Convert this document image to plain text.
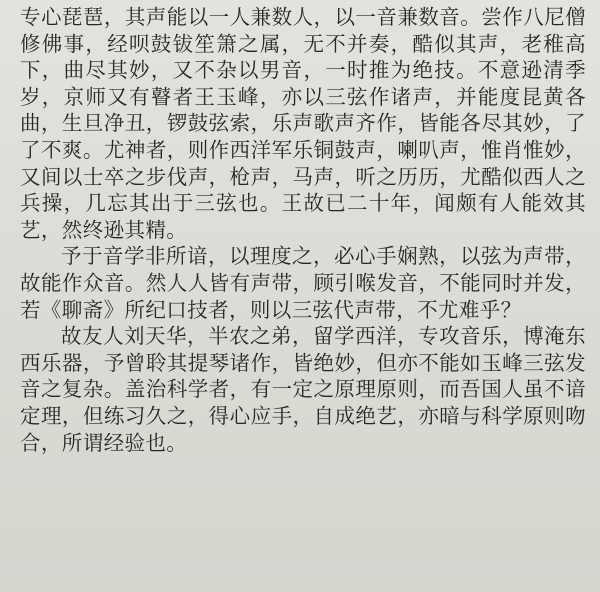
专心琵琶，其声能以一人兼数人，以一音兼数音。尝作八尼僧修佛事，经呗鼓钹笙箫之属，无不并奏，酷似其声，老稚高下，曲尽其妙，又不杂以男音，一时推为绝技。不意逊清季岁，京师又有瞽者王玉峰，亦以三弦作诸声，并能度昆黄各曲，生旦净丑，锣鼓弦索，乐声歌声齐作，皆能各尽其妙，了了不爽。尤神者，则作西洋军乐铜鼓声，喇叭声，惟肖惟妙，又间以士卒之步伐声，枪声，马声，听之历历，尤酷似西人之兵操，几忘其出于三弦也。王故已二十年，闻颇有人能效其艺，然终逊其精。

予于音学非所谙，以理度之，必心手娴熟，以弦为声带，故能作众音。然人人皆有声带，顾引喉发音，不能同时并发，若《聊斋》所纪口技者，则以三弦代声带，不尤难乎？

故友人刘天华，半农之弟，留学西洋，专攻音乐，博淹东西乐器，予曾聆其提琴诸作，皆绝妙，但亦不能如玉峰三弦发音之复杂。盖治科学者，有一定之原理原则，而吾国人虽不谙定理，但练习久之，得心应手，自成绝艺，亦暗与科学原则吻合，所谓经验也。
